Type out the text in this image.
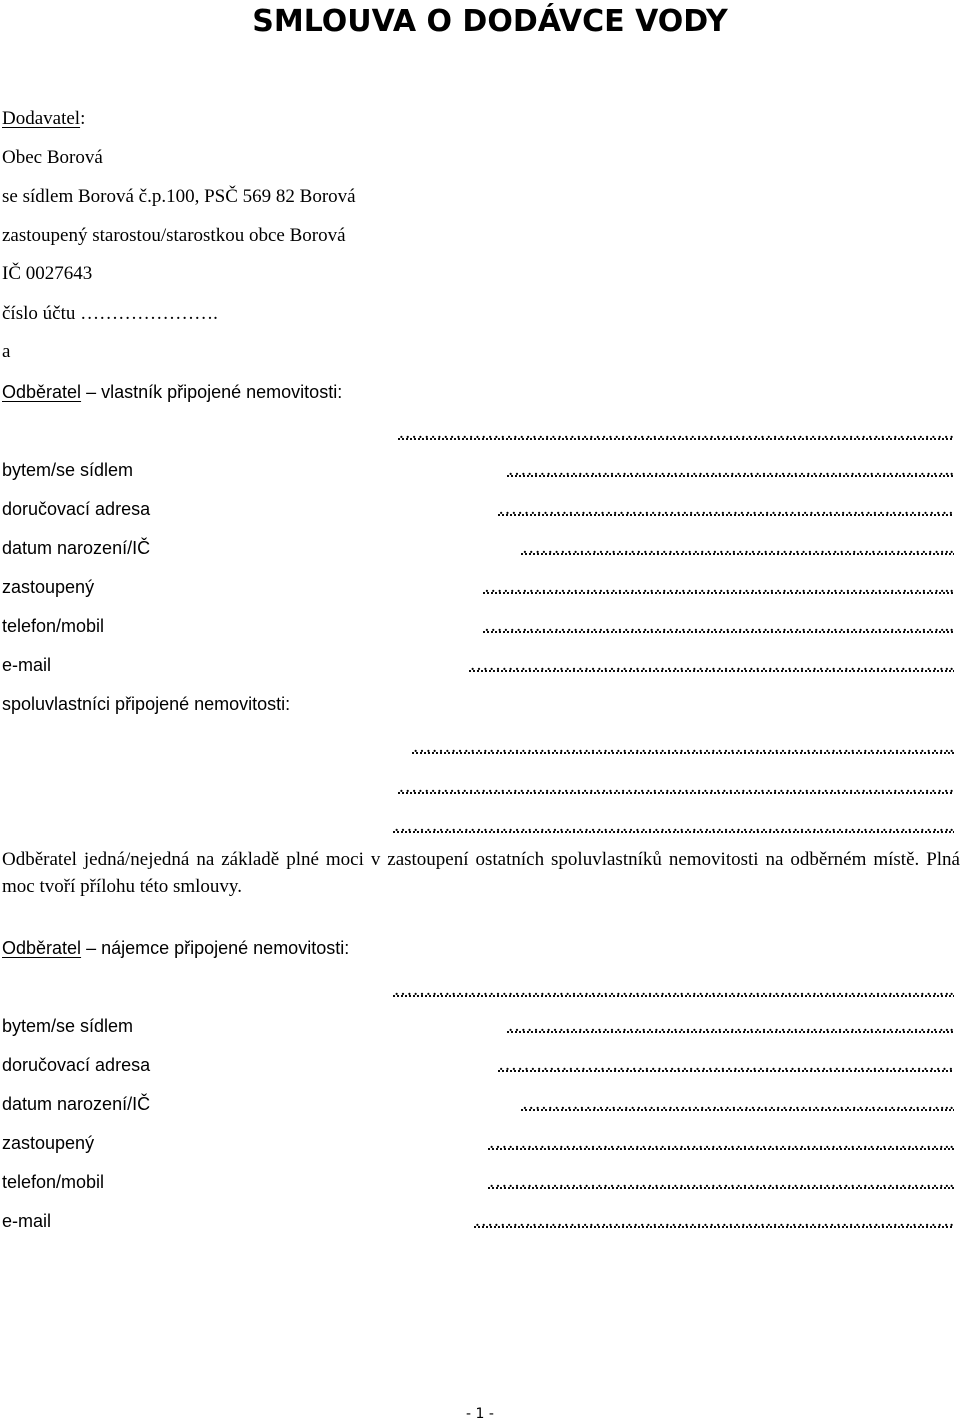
SMLOUVA O DODÁVCE VODY
Dodavatel:
Obec Borová
se sídlem Borová č.p.100, PSČ 569 82 Borová
zastoupený starostou/starostkou obce Borová
IČ 0027643
číslo účtu ………………….
a
Odběratel – vlastník připojené nemovitosti:
…………………………………………………………………………….
bytem/se sídlem	……………………………………………………………..
doručovací adresa	………………………………………………………………
datum narození/IČ	…………………………………………………………...
zastoupený	………………………………………………………………...
telefon/mobil	………………………………………………………………...
e-mail	…………………………………………………………………..
spoluvlastníci připojené nemovitosti:
…………………………………………………………………………..
…………………………………………………………………………….
……………………………………………………………………………..
Odběratel jedná/nejedná na základě plné moci v zastoupení ostatních spoluvlastníků nemovitosti na odběrném místě. Plná moc tvoří přílohu této smlouvy.
Odběratel – nájemce připojené nemovitosti:
……………………………………………………………………………..
bytem/se sídlem	……………………………………………………………..
doručovací adresa	………………………………………………………………
datum narození/IČ	…………………………………………………………...
zastoupený	………………………………………………………………..
telefon/mobil	………………………………………………………………..
e-mail	………………………………………………………………….
- 1 -
